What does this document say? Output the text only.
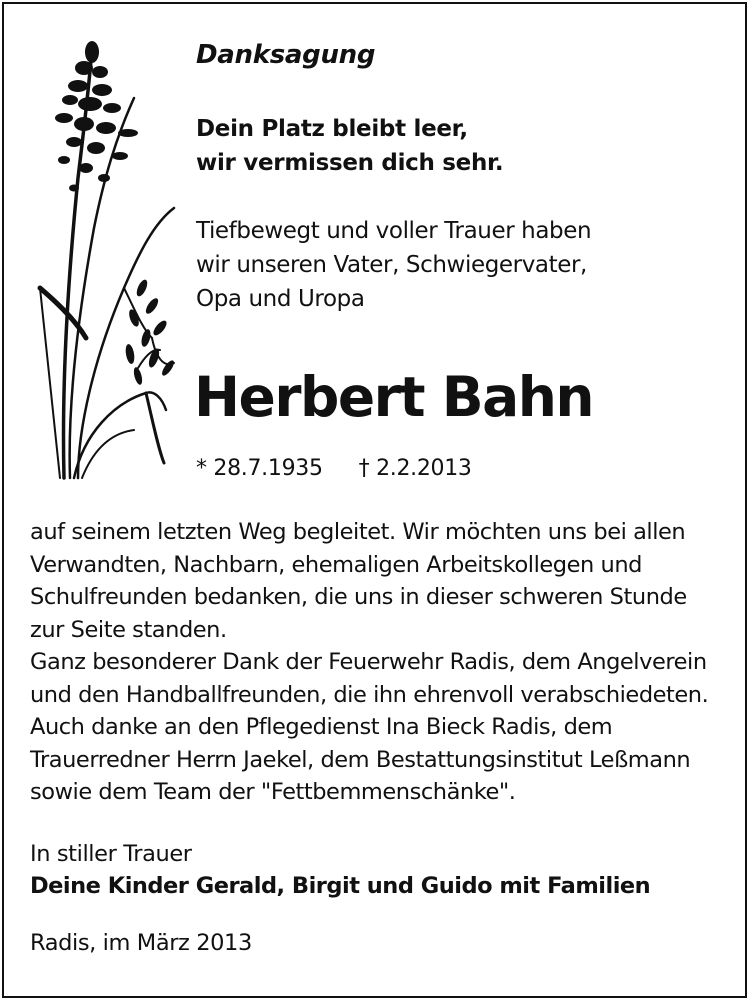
Danksagung
Dein Platz bleibt leer,
wir vermissen dich sehr.
Tiefbewegt und voller Trauer haben
wir unseren Vater, Schwiegervater,
Opa und Uropa
Herbert Bahn
* 28.7.1935 † 2.2.2013
auf seinem letzten Weg begleitet. Wir möchten uns bei allen
Verwandten, Nachbarn, ehemaligen Arbeitskollegen und
Schulfreunden bedanken, die uns in dieser schweren Stunde
zur Seite standen.
Ganz besonderer Dank der Feuerwehr Radis, dem Angelverein
und den Handballfreunden, die ihn ehrenvoll verabschiedeten.
Auch danke an den Pflegedienst Ina Bieck Radis, dem
Trauerredner Herrn Jaekel, dem Bestattungsinstitut Leßmann
sowie dem Team der "Fettbemmenschänke".
In stiller Trauer
Deine Kinder Gerald, Birgit und Guido mit Familien
Radis, im März 2013
